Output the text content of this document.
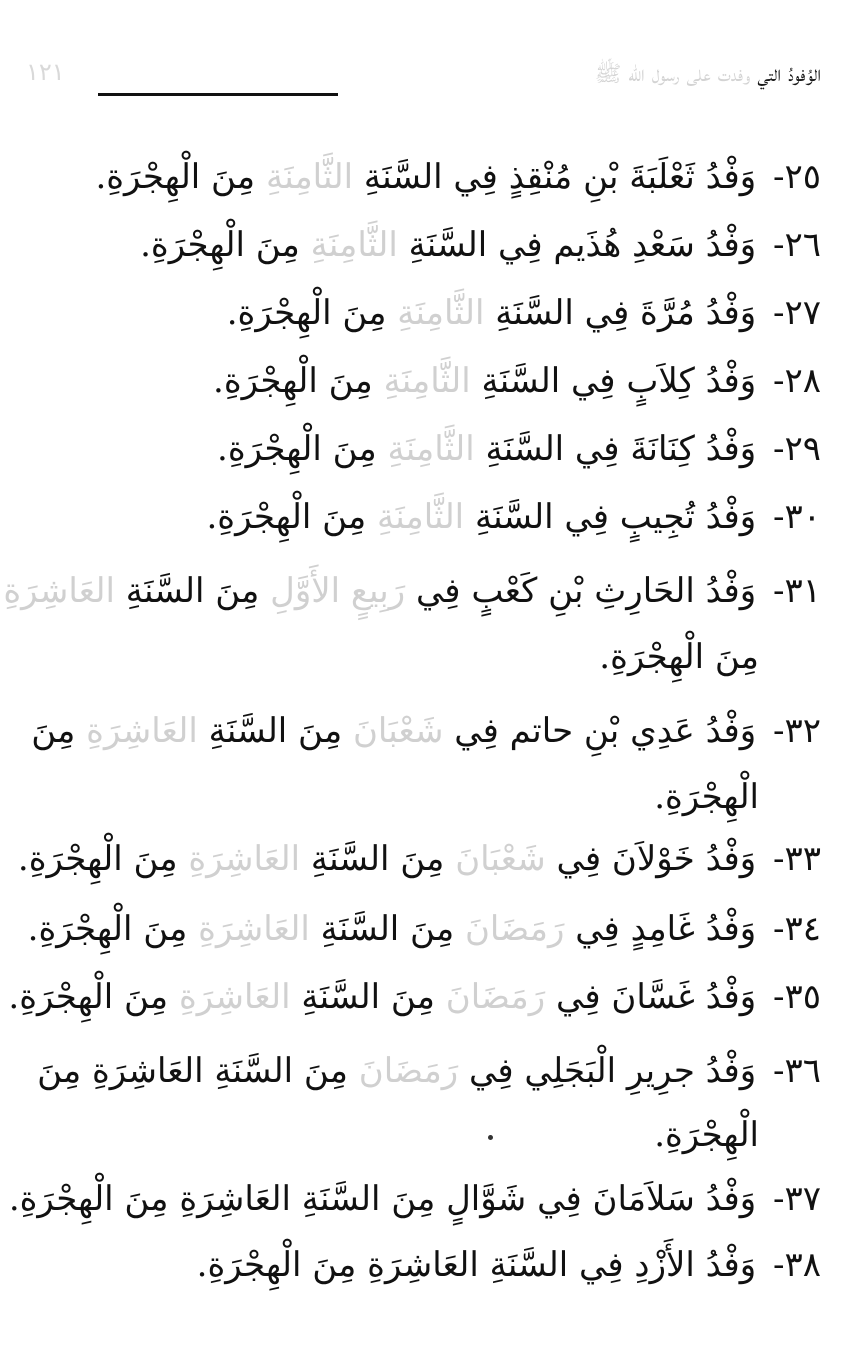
الوُفودُ التي وفدت على رسول الله ﷺ
١٢١
٢٥- وَفْدُ ثَعْلَبَةَ بْنِ مُنْقِذٍ فِي السَّنَةِ الثَّامِنَةِ مِنَ الْهِجْرَةِ.
٢٦- وَفْدُ سَعْدِ هُذَيم فِي السَّنَةِ الثَّامِنَةِ مِنَ الْهِجْرَةِ.
٢٧- وَفْدُ مُرَّةَ فِي السَّنَةِ الثَّامِنَةِ مِنَ الْهِجْرَةِ.
٢٨- وَفْدُ كِلاَبٍ فِي السَّنَةِ الثَّامِنَةِ مِنَ الْهِجْرَةِ.
٢٩- وَفْدُ كِنَانَةَ فِي السَّنَةِ الثَّامِنَةِ مِنَ الْهِجْرَةِ.
٣٠- وَفْدُ تُجِيبٍ فِي السَّنَةِ الثَّامِنَةِ مِنَ الْهِجْرَةِ.
٣١- وَفْدُ الحَارِثِ بْنِ كَعْبٍ فِي رَبِيعٍ الأَوَّلِ مِنَ السَّنَةِ العَاشِرَةِ
مِنَ الْهِجْرَةِ.
٣٢- وَفْدُ عَدِي بْنِ حاتم فِي شَعْبَانَ مِنَ السَّنَةِ العَاشِرَةِ مِنَ
الْهِجْرَةِ.
٣٣- وَفْدُ خَوْلاَنَ فِي شَعْبَانَ مِنَ السَّنَةِ العَاشِرَةِ مِنَ الْهِجْرَةِ.
٣٤- وَفْدُ غَامِدٍ فِي رَمَضَانَ مِنَ السَّنَةِ العَاشِرَةِ مِنَ الْهِجْرَةِ.
٣٥- وَفْدُ غَسَّانَ فِي رَمَضَانَ مِنَ السَّنَةِ العَاشِرَةِ مِنَ الْهِجْرَةِ.
٣٦- وَفْدُ جرِيرِ الْبَجَلِي فِي رَمَضَانَ مِنَ السَّنَةِ العَاشِرَةِ مِنَ
الْهِجْرَةِ.
٣٧- وَفْدُ سَلاَمَانَ فِي شَوَّالٍ مِنَ السَّنَةِ العَاشِرَةِ مِنَ الْهِجْرَةِ.
٣٨- وَفْدُ الأَزْدِ فِي السَّنَةِ العَاشِرَةِ مِنَ الْهِجْرَةِ.
